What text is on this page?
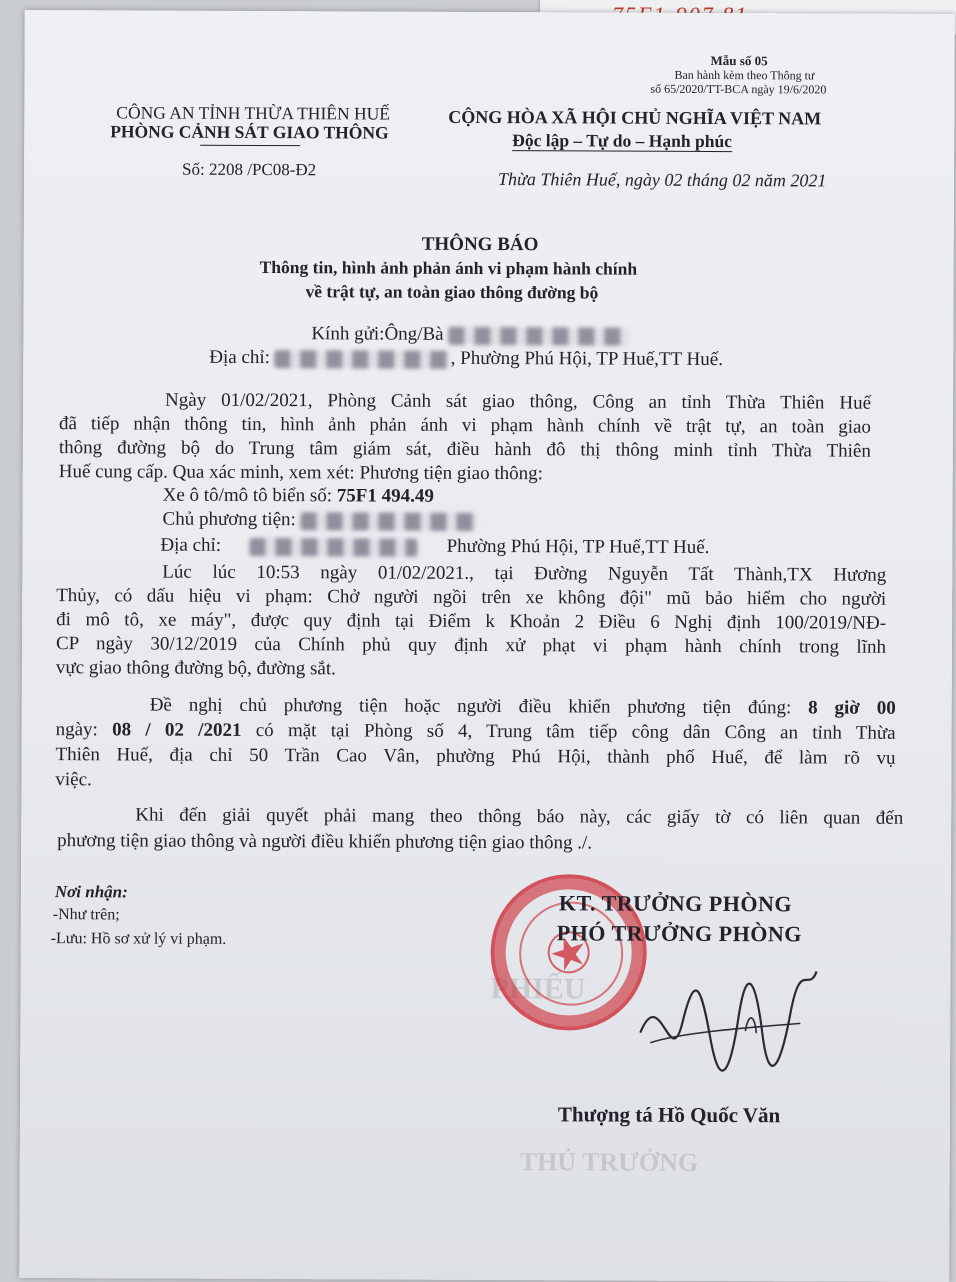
PHIẾU
THỦ TRƯỞNG
Mẫu số 05
Ban hành kèm theo Thông tư
số 65/2020/TT-BCA ngày 19/6/2020
CÔNG AN TỈNH THỪA THIÊN HUẾ
PHÒNG CẢNH SÁT GIAO THÔNG
Số: 2208 /PC08-Đ2
CỘNG HÒA XÃ HỘI CHỦ NGHĨA VIỆT NAM
Độc lập – Tự do – Hạnh phúc
Thừa Thiên Huế, ngày 02 tháng 02 năm 2021
THÔNG BÁO
Thông tin, hình ảnh phản ánh vi phạm hành chính
về trật tự, an toàn giao thông đường bộ
Kính gửi:Ông/Bà
Địa chỉ:	, Phường Phú Hội, TP Huế,TT Huế.
Ngày 01/02/2021, Phòng Cảnh sát giao thông, Công an tỉnh Thừa Thiên Huế
đã tiếp nhận thông tin, hình ảnh phản ánh vi phạm hành chính về trật tự, an toàn giao
thông đường bộ do Trung tâm giám sát, điều hành đô thị thông minh tỉnh Thừa Thiên
Huế cung cấp. Qua xác minh, xem xét: Phương tiện giao thông:
Xe ô tô/mô tô biển số: 75F1 494.49
Chủ phương tiện:
Địa chỉ:	Phường Phú Hội, TP Huế,TT Huế.
Lúc lúc 10:53 ngày 01/02/2021., tại Đường Nguyễn Tất Thành,TX Hương
Thủy, có dấu hiệu vi phạm: Chở người ngồi trên xe không đội" mũ bảo hiểm cho người
đi mô tô, xe máy", được quy định tại Điểm k Khoản 2 Điều 6 Nghị định 100/2019/NĐ-
CP ngày 30/12/2019 của Chính phủ quy định xử phạt vi phạm hành chính trong lĩnh
vực giao thông đường bộ, đường sắt.
Đề nghị chủ phương tiện hoặc người điều khiển phương tiện đúng: 8 giờ 00
ngày: 08 / 02 /2021 có mặt tại Phòng số 4, Trung tâm tiếp công dân Công an tỉnh Thừa
Thiên Huế, địa chỉ 50 Trần Cao Vân, phường Phú Hội, thành phố Huế, để làm rõ vụ
việc.
Khi đến giải quyết phải mang theo thông báo này, các giấy tờ có liên quan đến
phương tiện giao thông và người điều khiển phương tiện giao thông ./.
Nơi nhận:
-Như trên;
-Lưu: Hồ sơ xử lý vi phạm.
KT. TRƯỞNG PHÒNG
PHÓ TRƯỞNG PHÒNG
Thượng tá Hồ Quốc Văn
